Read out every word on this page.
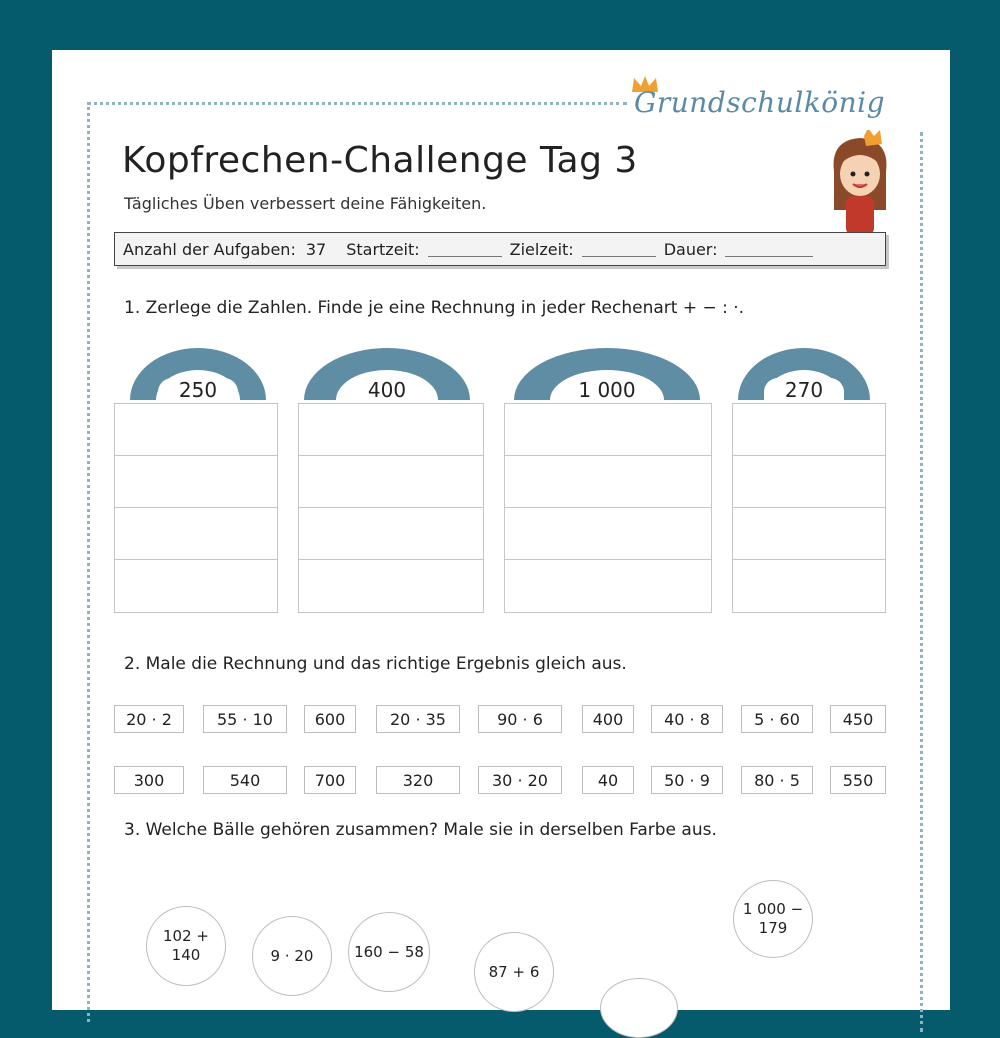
Grundschulkönig
Kopfrechen-Challenge Tag 3
Tägliches Üben verbessert deine Fähigkeiten.
Anzahl der Aufgaben: 37 Startzeit:	Zielzeit:	Dauer:
1. Zerlege die Zahlen. Finde je eine Rechnung in jeder Rechenart + − : ·.
250	400	1 000	270
2. Male die Rechnung und das richtige Ergebnis gleich aus.
20 · 2	55 · 10	600	20 · 35	90 · 6	400	40 · 8	5 · 60	450
300	540	700	320	30 · 20	40	50 · 9	80 · 5	550
3. Welche Bälle gehören zusammen? Male sie in derselben Farbe aus.
102 +
140	9 · 20	160 − 58
87 + 6
1 000 −
179
